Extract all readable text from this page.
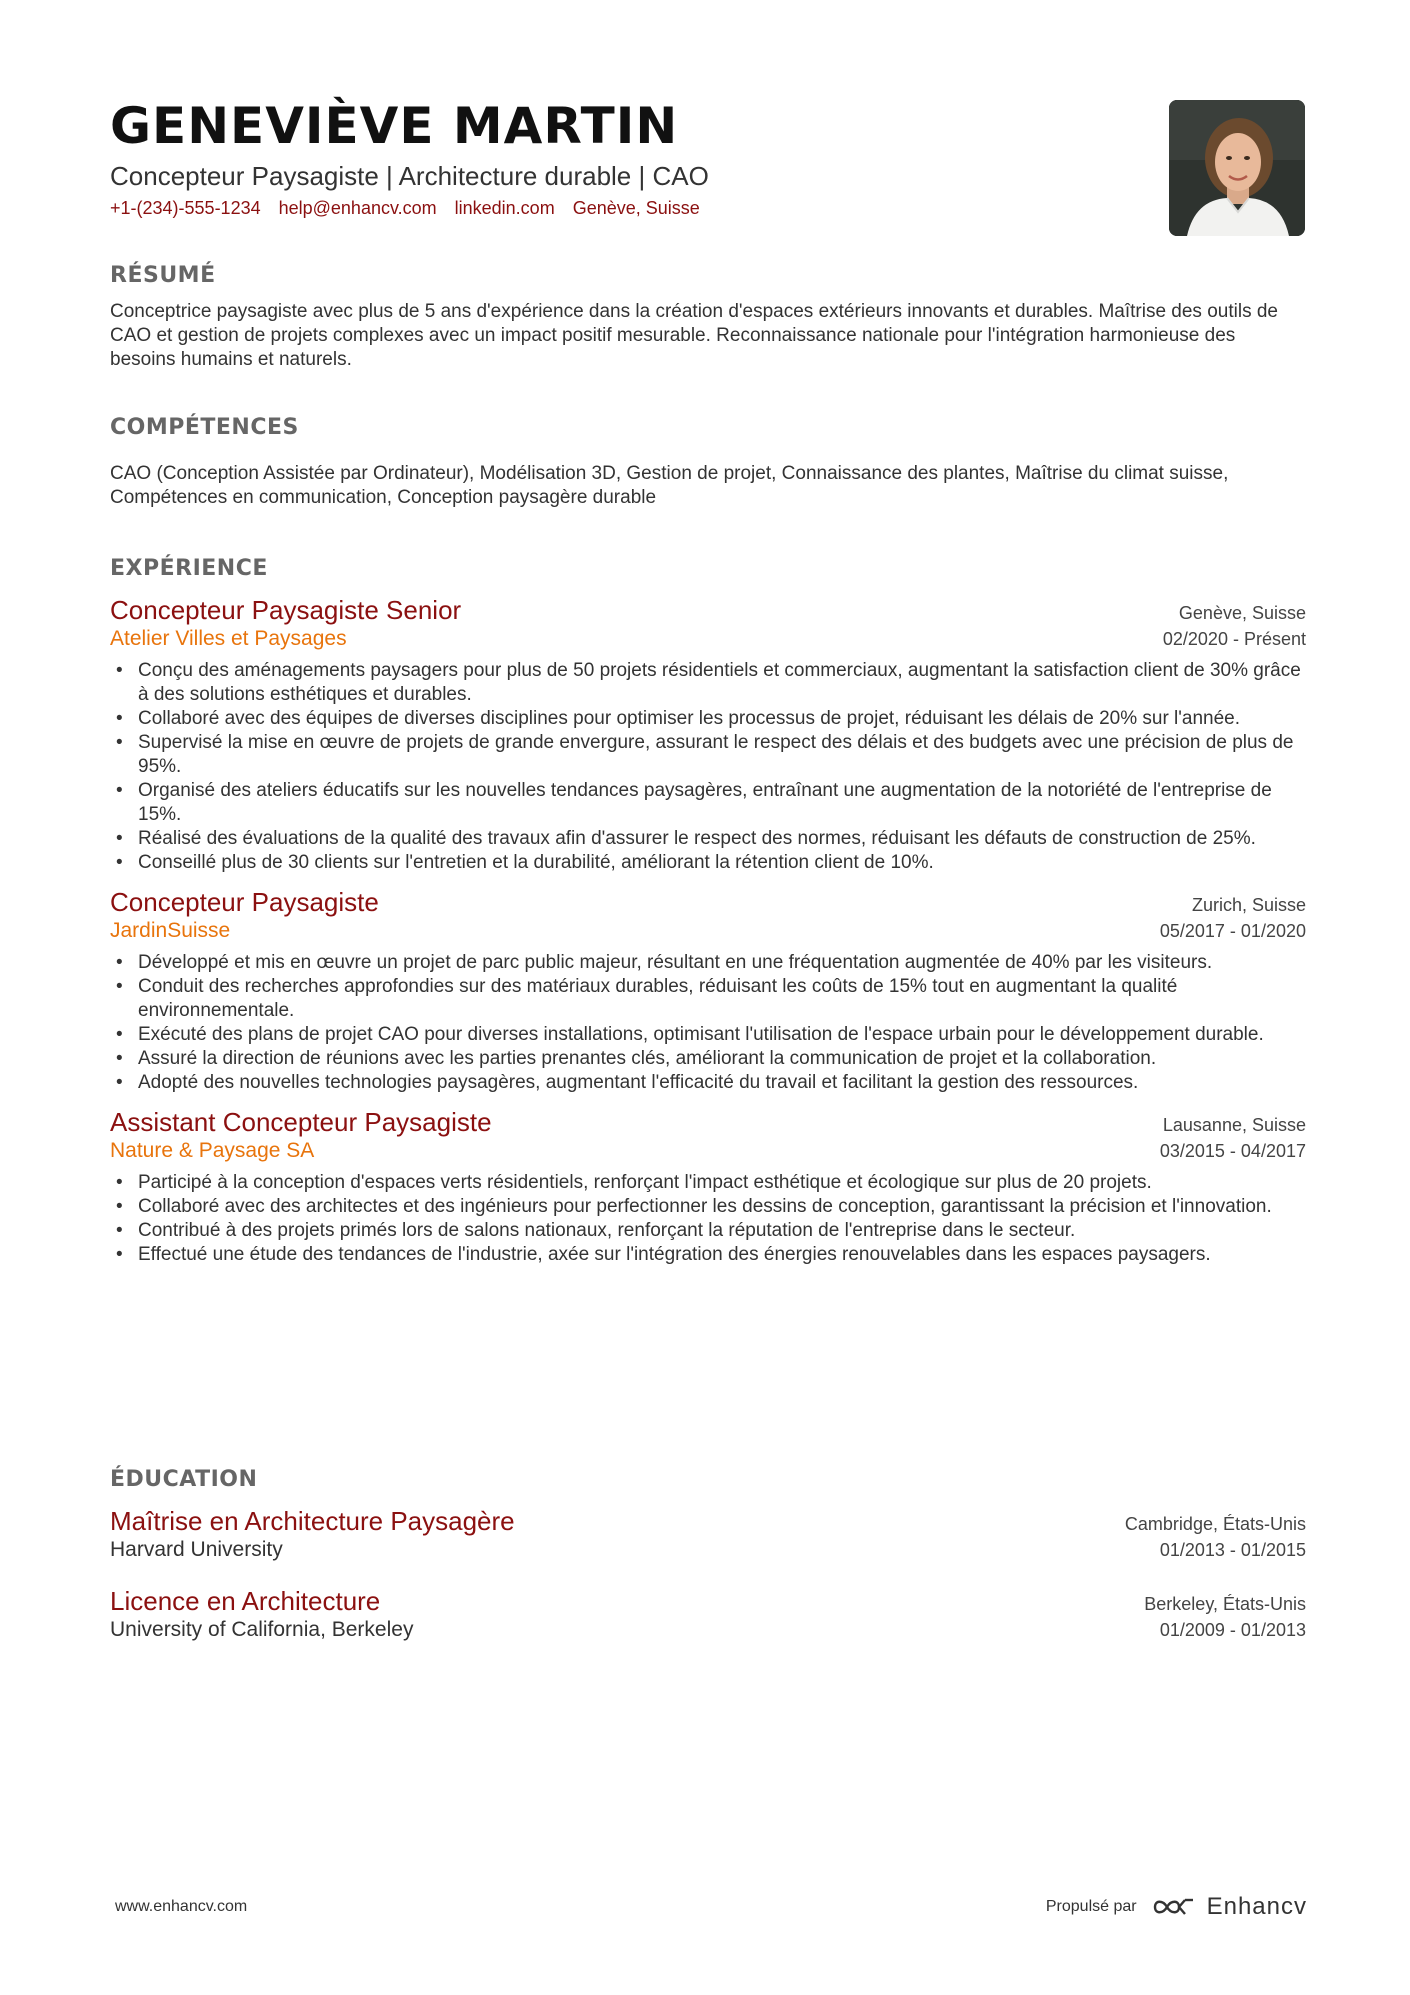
GENEVIÈVE MARTIN
Concepteur Paysagiste | Architecture durable | CAO
+1-(234)-555-1234 help@enhancv.com linkedin.com Genève, Suisse
RÉSUMÉ

Conceptrice paysagiste avec plus de 5 ans d'expérience dans la création d'espaces extérieurs innovants et durables. Maîtrise des outils de CAO et gestion de projets complexes avec un impact positif mesurable. Reconnaissance nationale pour l'intégration harmonieuse des besoins humains et naturels.

COMPÉTENCES

CAO (Conception Assistée par Ordinateur), Modélisation 3D, Gestion de projet, Connaissance des plantes, Maîtrise du climat suisse, Compétences en communication, Conception paysagère durable

EXPÉRIENCE
Concepteur Paysagiste Senior	Genève, Suisse
Atelier Villes et Paysages	02/2020 - Présent
• Conçu des aménagements paysagers pour plus de 50 projets résidentiels et commerciaux, augmentant la satisfaction client de 30% grâce à des solutions esthétiques et durables.
• Collaboré avec des équipes de diverses disciplines pour optimiser les processus de projet, réduisant les délais de 20% sur l'année.
• Supervisé la mise en œuvre de projets de grande envergure, assurant le respect des délais et des budgets avec une précision de plus de 95%.
• Organisé des ateliers éducatifs sur les nouvelles tendances paysagères, entraînant une augmentation de la notoriété de l'entreprise de 15%.
• Réalisé des évaluations de la qualité des travaux afin d'assurer le respect des normes, réduisant les défauts de construction de 25%.
• Conseillé plus de 30 clients sur l'entretien et la durabilité, améliorant la rétention client de 10%.
Concepteur Paysagiste	Zurich, Suisse
JardinSuisse	05/2017 - 01/2020
• Développé et mis en œuvre un projet de parc public majeur, résultant en une fréquentation augmentée de 40% par les visiteurs.
• Conduit des recherches approfondies sur des matériaux durables, réduisant les coûts de 15% tout en augmentant la qualité environnementale.
• Exécuté des plans de projet CAO pour diverses installations, optimisant l'utilisation de l'espace urbain pour le développement durable.
• Assuré la direction de réunions avec les parties prenantes clés, améliorant la communication de projet et la collaboration.
• Adopté des nouvelles technologies paysagères, augmentant l'efficacité du travail et facilitant la gestion des ressources.
Assistant Concepteur Paysagiste	Lausanne, Suisse
Nature & Paysage SA	03/2015 - 04/2017
• Participé à la conception d'espaces verts résidentiels, renforçant l'impact esthétique et écologique sur plus de 20 projets.
• Collaboré avec des architectes et des ingénieurs pour perfectionner les dessins de conception, garantissant la précision et l'innovation.
• Contribué à des projets primés lors de salons nationaux, renforçant la réputation de l'entreprise dans le secteur.
• Effectué une étude des tendances de l'industrie, axée sur l'intégration des énergies renouvelables dans les espaces paysagers.
ÉDUCATION
Maîtrise en Architecture Paysagère	Cambridge, États-Unis
Harvard University	01/2013 - 01/2015
Licence en Architecture	Berkeley, États-Unis
University of California, Berkeley	01/2009 - 01/2013
www.enhancv.com	Propulsé par	Enhancv
